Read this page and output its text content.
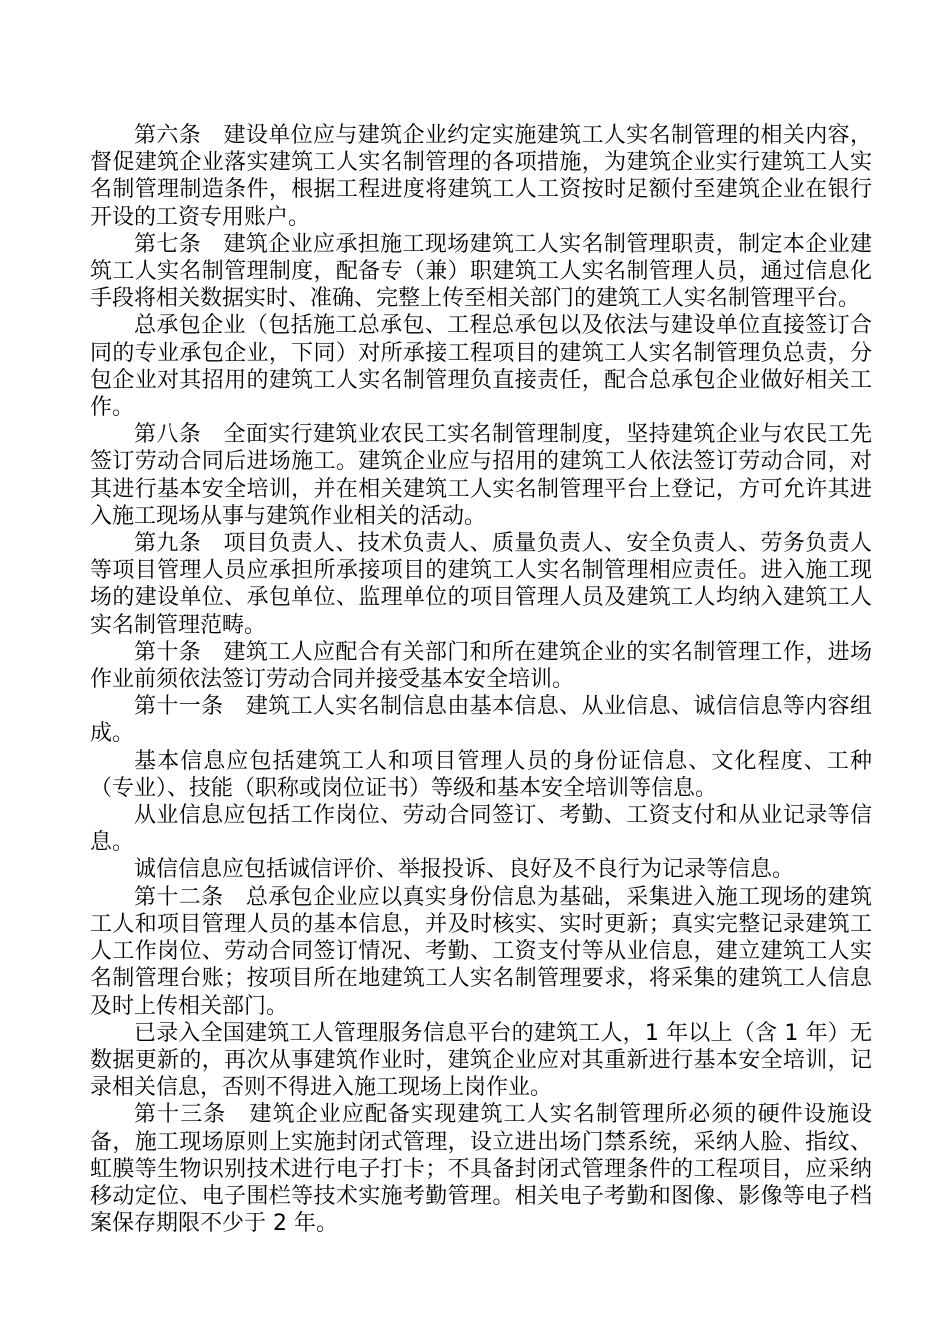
第六条　建设单位应与建筑企业约定实施建筑工人实名制管理的相关内容，督促建筑企业落实建筑工人实名制管理的各项措施，为建筑企业实行建筑工人实名制管理制造条件，根据工程进度将建筑工人工资按时足额付至建筑企业在银行开设的工资专用账户。

第七条　建筑企业应承担施工现场建筑工人实名制管理职责，制定本企业建筑工人实名制管理制度，配备专（兼）职建筑工人实名制管理人员，通过信息化手段将相关数据实时、准确、完整上传至相关部门的建筑工人实名制管理平台。

总承包企业（包括施工总承包、工程总承包以及依法与建设单位直接签订合同的专业承包企业，下同）对所承接工程项目的建筑工人实名制管理负总责，分包企业对其招用的建筑工人实名制管理负直接责任，配合总承包企业做好相关工作。

第八条　全面实行建筑业农民工实名制管理制度，坚持建筑企业与农民工先签订劳动合同后进场施工。建筑企业应与招用的建筑工人依法签订劳动合同，对其进行基本安全培训，并在相关建筑工人实名制管理平台上登记，方可允许其进入施工现场从事与建筑作业相关的活动。

第九条　项目负责人、技术负责人、质量负责人、安全负责人、劳务负责人等项目管理人员应承担所承接项目的建筑工人实名制管理相应责任。进入施工现场的建设单位、承包单位、监理单位的项目管理人员及建筑工人均纳入建筑工人实名制管理范畴。

第十条　建筑工人应配合有关部门和所在建筑企业的实名制管理工作，进场作业前须依法签订劳动合同并接受基本安全培训。

第十一条　建筑工人实名制信息由基本信息、从业信息、诚信信息等内容组成。

基本信息应包括建筑工人和项目管理人员的身份证信息、文化程度、工种（专业）、技能（职称或岗位证书）等级和基本安全培训等信息。

从业信息应包括工作岗位、劳动合同签订、考勤、工资支付和从业记录等信息。

诚信信息应包括诚信评价、举报投诉、良好及不良行为记录等信息。

第十二条　总承包企业应以真实身份信息为基础，采集进入施工现场的建筑工人和项目管理人员的基本信息，并及时核实、实时更新；真实完整记录建筑工人工作岗位、劳动合同签订情况、考勤、工资支付等从业信息，建立建筑工人实名制管理台账；按项目所在地建筑工人实名制管理要求，将采集的建筑工人信息及时上传相关部门。

已录入全国建筑工人管理服务信息平台的建筑工人，1 年以上（含 1 年）无数据更新的，再次从事建筑作业时，建筑企业应对其重新进行基本安全培训，记录相关信息，否则不得进入施工现场上岗作业。

第十三条　建筑企业应配备实现建筑工人实名制管理所必须的硬件设施设备，施工现场原则上实施封闭式管理，设立进出场门禁系统，采纳人脸、指纹、虹膜等生物识别技术进行电子打卡；不具备封闭式管理条件的工程项目，应采纳移动定位、电子围栏等技术实施考勤管理。相关电子考勤和图像、影像等电子档案保存期限不少于 2 年。
